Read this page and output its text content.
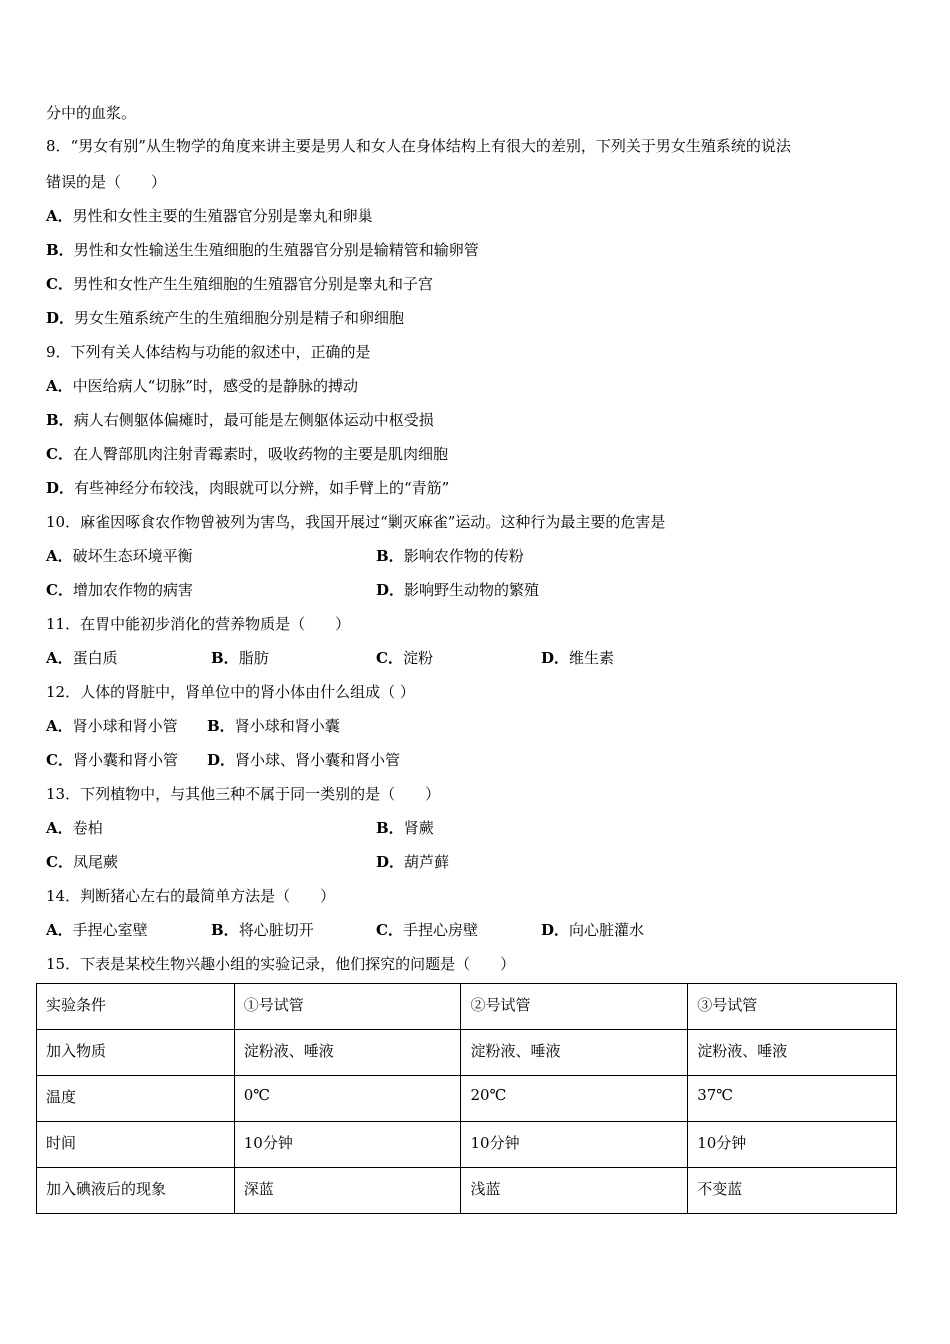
分中的血浆。
8．“男女有别”从生物学的角度来讲主要是男人和女人在身体结构上有很大的差别，下列关于男女生殖系统的说法
错误的是（　　）
A．男性和女性主要的生殖器官分别是睾丸和卵巢
B．男性和女性输送生生殖细胞的生殖器官分别是输精管和输卵管
C．男性和女性产生生殖细胞的生殖器官分别是睾丸和子宫
D．男女生殖系统产生的生殖细胞分别是精子和卵细胞
9．下列有关人体结构与功能的叙述中，正确的是
A．中医给病人“切脉”时，感受的是静脉的搏动
B．病人右侧躯体偏瘫时，最可能是左侧躯体运动中枢受损
C．在人臀部肌肉注射青霉素时，吸收药物的主要是肌肉细胞
D．有些神经分布较浅，肉眼就可以分辨，如手臂上的“青筋”
10．麻雀因啄食农作物曾被列为害鸟，我国开展过“剿灭麻雀”运动。这种行为最主要的危害是
A．破坏生态环境平衡	B．影响农作物的传粉
C．增加农作物的病害	D．影响野生动物的繁殖
11．在胃中能初步消化的营养物质是（　　）
A．蛋白质	B．脂肪	C．淀粉	D．维生素
12．人体的肾脏中，肾单位中的肾小体由什么组成（ ）
A．肾小球和肾小管 B．肾小球和肾小囊
C．肾小囊和肾小管 D．肾小球、肾小囊和肾小管
13．下列植物中，与其他三种不属于同一类别的是（　　）
A．卷柏	B．肾蕨
C．凤尾蕨	D．葫芦藓
14．判断猪心左右的最简单方法是（　　）
A．手捏心室壁	B．将心脏切开	C．手捏心房壁	D．向心脏灌水
15．下表是某校生物兴趣小组的实验记录，他们探究的问题是（　　）
实验条件	①号试管	②号试管	③号试管
加入物质	淀粉液、唾液	淀粉液、唾液	淀粉液、唾液
温度	0℃	20℃	37℃
时间	10分钟	10分钟	10分钟
加入碘液后的现象	深蓝	浅蓝	不变蓝
